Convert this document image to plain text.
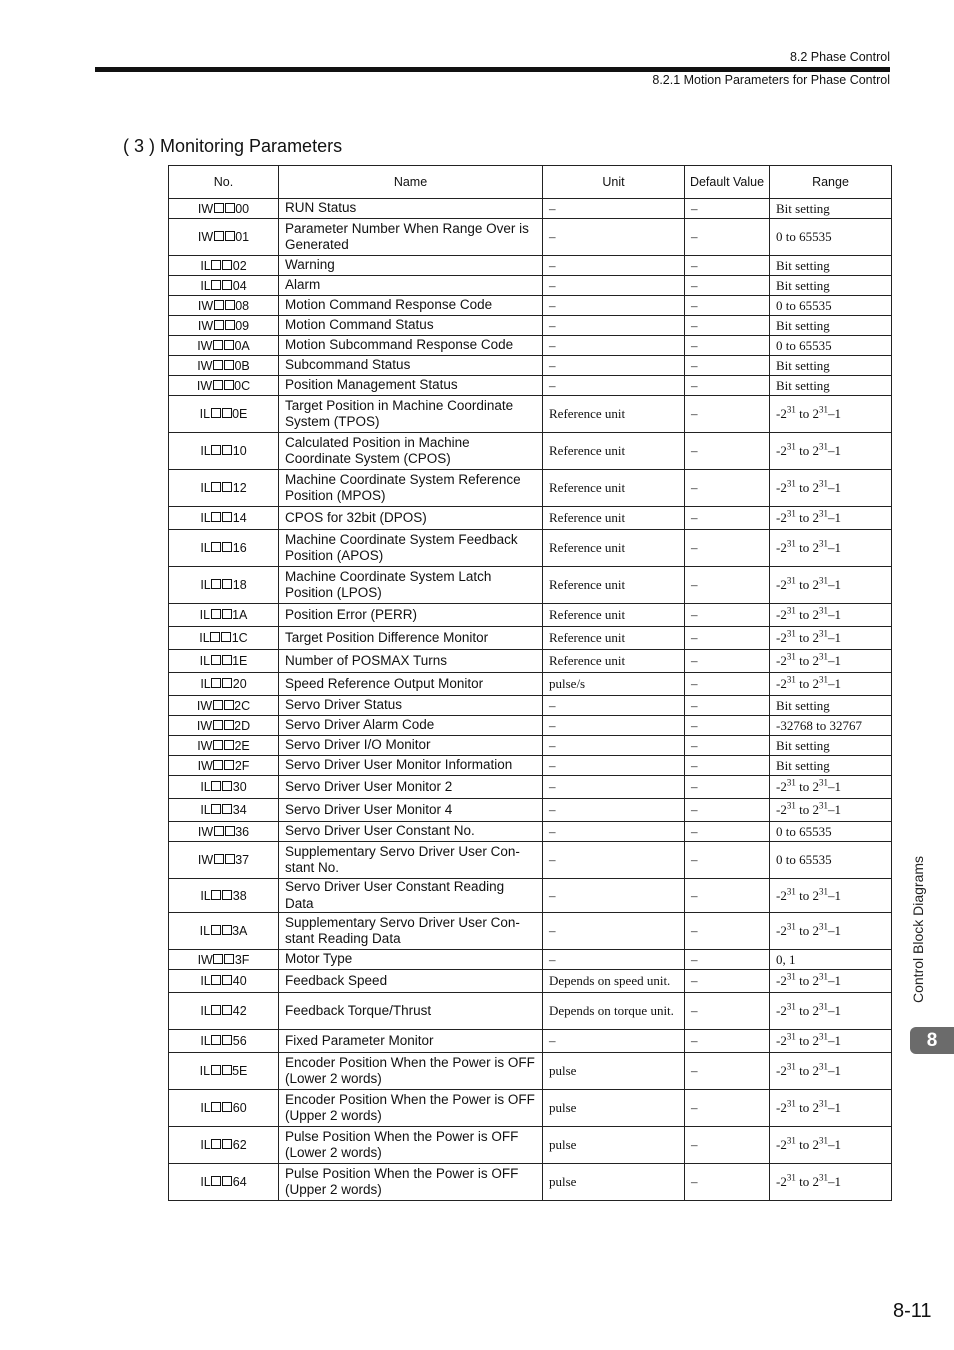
8.2 Phase Control
8.2.1 Motion Parameters for Phase Control
( 3 ) Monitoring Parameters
No.	Name	Unit	Default Value	Range
IW 00	RUN Status	–	–	Bit setting
IW 01	Parameter Number When Range Over is Generated	–	–	0 to 65535
IL 02	Warning	–	–	Bit setting
IL 04	Alarm	–	–	Bit setting
IW 08	Motion Command Response Code	–	–	0 to 65535
IW 09	Motion Command Status	–	–	Bit setting
IW 0A	Motion Subcommand Response Code	–	–	0 to 65535
IW 0B	Subcommand Status	–	–	Bit setting
IW 0C	Position Management Status	–	–	Bit setting
IL 0E	Target Position in Machine Coordinate System (TPOS)	Reference unit	–	$-2^{31}$ to $2^{31}-1$
IL 10	Calculated Position in Machine Coordinate System (CPOS)	Reference unit	–	$-2^{31}$ to $2^{31}-1$
IL 12	Machine Coordinate System Reference Position (MPOS)	Reference unit	–	$-2^{31}$ to $2^{31}-1$
IL 14	CPOS for 32bit (DPOS)	Reference unit	–	$-2^{31}$ to $2^{31}-1$
IL 16	Machine Coordinate System Feedback Position (APOS)	Reference unit	–	$-2^{31}$ to $2^{31}-1$
IL 18	Machine Coordinate System Latch Position (LPOS)	Reference unit	–	$-2^{31}$ to $2^{31}-1$
IL 1A	Position Error (PERR)	Reference unit	–	$-2^{31}$ to $2^{31}-1$
IL 1C	Target Position Difference Monitor	Reference unit	–	$-2^{31}$ to $2^{31}-1$
IL 1E	Number of POSMAX Turns	Reference unit	–	$-2^{31}$ to $2^{31}-1$
IL 20	Speed Reference Output Monitor	pulse/s	–	$-2^{31}$ to $2^{31}-1$
IW 2C	Servo Driver Status	–	–	Bit setting
IW 2D	Servo Driver Alarm Code	–	–	-32768 to 32767
IW 2E	Servo Driver I/O Monitor	–	–	Bit setting
IW 2F	Servo Driver User Monitor Information	–	–	Bit setting
IL 30	Servo Driver User Monitor 2	–	–	$-2^{31}$ to $2^{31}-1$
IL 34	Servo Driver User Monitor 4	–	–	$-2^{31}$ to $2^{31}-1$
IW 36	Servo Driver User Constant No.	–	–	0 to 65535
IW 37	Supplementary Servo Driver User Con-stant No.	–	–	0 to 65535
IL 38	Servo Driver User Constant Reading Data	–	–	$-2^{31}$ to $2^{31}-1$
IL 3A	Supplementary Servo Driver User Con-stant Reading Data	–	–	$-2^{31}$ to $2^{31}-1$
IW 3F	Motor Type	–	–	0, 1
IL 40	Feedback Speed	Depends on speed unit.	–	$-2^{31}$ to $2^{31}-1$
IL 42	Feedback Torque/Thrust	Depends on torque unit.	–	$-2^{31}$ to $2^{31}-1$
IL 56	Fixed Parameter Monitor	–	–	$-2^{31}$ to $2^{31}-1$
IL 5E	Encoder Position When the Power is OFF (Lower 2 words)	pulse	–	$-2^{31}$ to $2^{31}-1$
IL 60	Encoder Position When the Power is OFF (Upper 2 words)	pulse	–	$-2^{31}$ to $2^{31}-1$
IL 62	Pulse Position When the Power is OFF (Lower 2 words)	pulse	–	$-2^{31}$ to $2^{31}-1$
IL 64	Pulse Position When the Power is OFF (Upper 2 words)	pulse	–	$-2^{31}$ to $2^{31}-1$
Control Block Diagrams
8
8-11
